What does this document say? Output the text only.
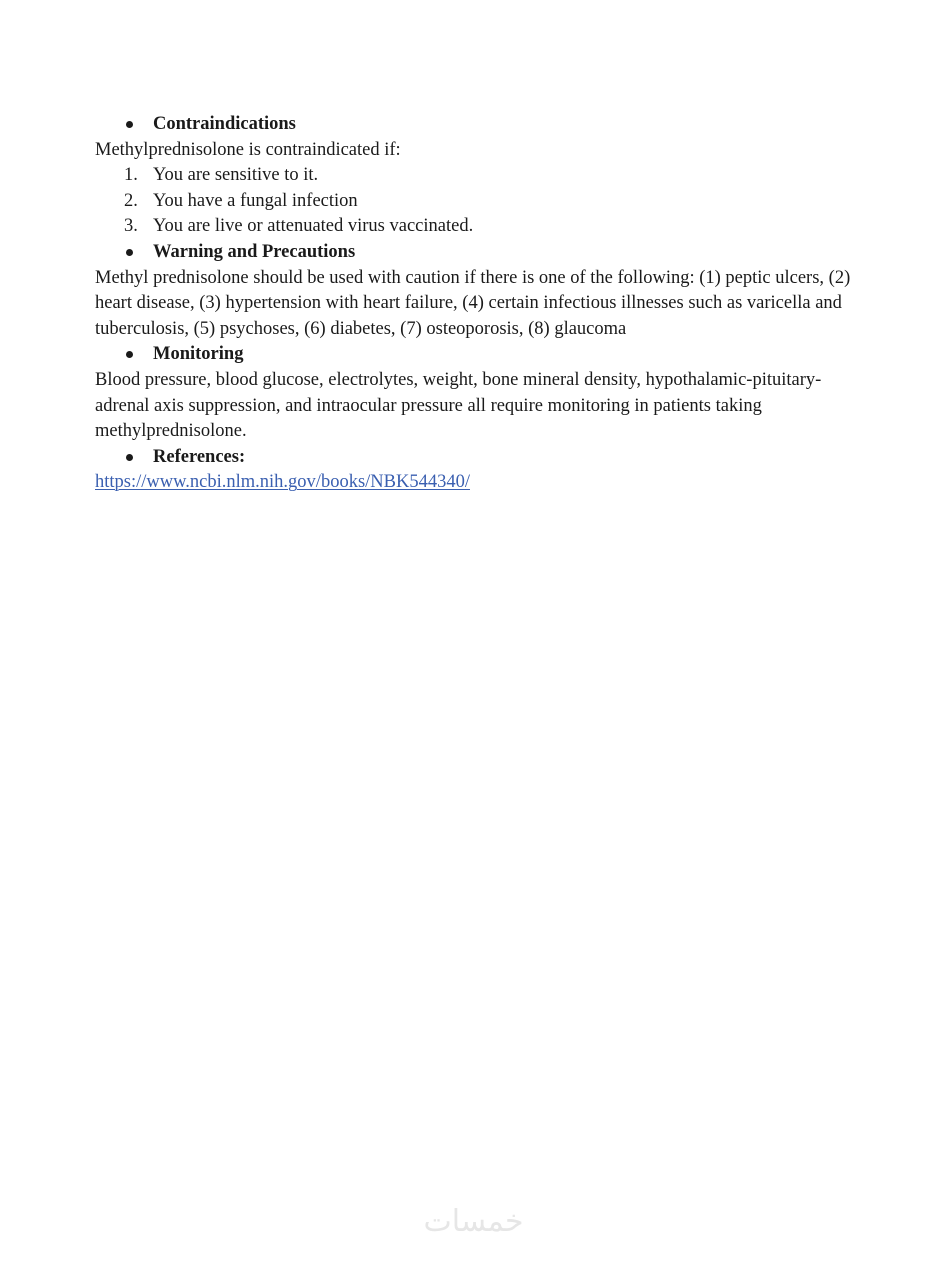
Contraindications

Methylprednisolone is contraindicated if:

1. You are sensitive to it.
2. You have a fungal infection
3. You are live or attenuated virus vaccinated.
Warning and Precautions

Methyl prednisolone should be used with caution if there is one of the following: (1) peptic ulcers, (2) heart disease, (3) hypertension with heart failure, (4) certain infectious illnesses such as varicella and tuberculosis, (5) psychoses, (6) diabetes, (7) osteoporosis, (8) glaucoma

Monitoring

Blood pressure, blood glucose, electrolytes, weight, bone mineral density, hypothalamic-pituitary-adrenal axis suppression, and intraocular pressure all require monitoring in patients taking methylprednisolone.

References:

https://www.ncbi.nlm.nih.gov/books/NBK544340/

خمسات
